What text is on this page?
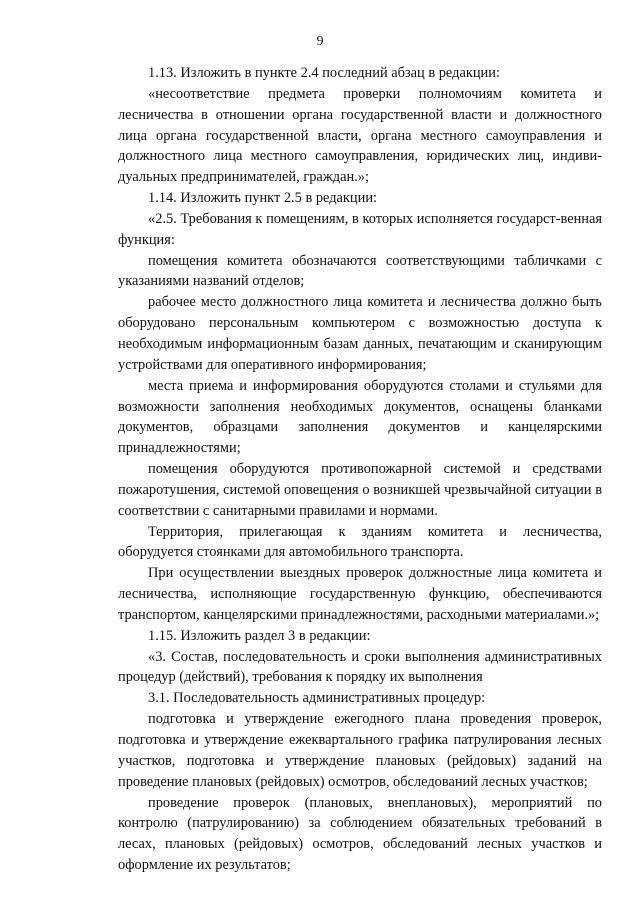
9

1.13. Изложить в пункте 2.4 последний абзац в редакции:

«несоответствие предмета проверки полномочиям комитета и лесничества в отношении органа государственной власти и должностного лица органа государственной власти, органа местного самоуправления и должностного лица местного самоуправления, юридических лиц, индиви-дуальных предпринимателей, граждан.»;

1.14. Изложить пункт 2.5 в редакции:

«2.5. Требования к помещениям, в которых исполняется государст-венная функция:

помещения комитета обозначаются соответствующими табличками с указаниями названий отделов;

рабочее место должностного лица комитета и лесничества должно быть оборудовано персональным компьютером с возможностью доступа к необходимым информационным базам данных, печатающим и сканирующим устройствами для оперативного информирования;

места приема и информирования оборудуются столами и стульями для возможности заполнения необходимых документов, оснащены бланками документов, образцами заполнения документов и канцелярскими принадлежностями;

помещения оборудуются противопожарной системой и средствами пожаротушения, системой оповещения о возникшей чрезвычайной ситуации в соответствии с санитарными правилами и нормами.

Территория, прилегающая к зданиям комитета и лесничества, оборудуется стоянками для автомобильного транспорта.

При осуществлении выездных проверок должностные лица комитета и лесничества, исполняющие государственную функцию, обеспечиваются транспортом, канцелярскими принадлежностями, расходными материалами.»;

1.15. Изложить раздел 3 в редакции:

«3. Состав, последовательность и сроки выполнения административных процедур (действий), требования к порядку их выполнения

3.1. Последовательность административных процедур:

подготовка и утверждение ежегодного плана проведения проверок, подготовка и утверждение ежеквартального графика патрулирования лесных участков, подготовка и утверждение плановых (рейдовых) заданий на проведение плановых (рейдовых) осмотров, обследований лесных участков;

проведение проверок (плановых, внеплановых), мероприятий по контролю (патрулированию) за соблюдением обязательных требований в лесах, плановых (рейдовых) осмотров, обследований лесных участков и оформление их результатов;
